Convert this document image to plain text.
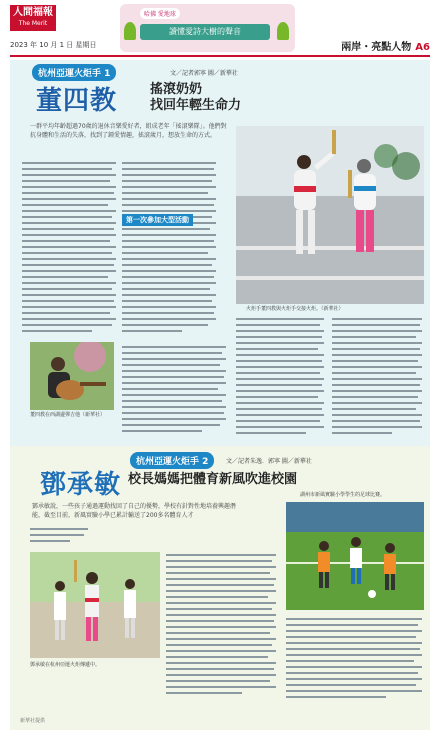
人間福報
The Merit Times
2023 年 10 月 1 日 星期日
哈佛 愛地球
讀懂愛詩大樹的聲音
兩岸・亮點人物 A6
杭州亞運火炬手 1	文／記者郭寧 圖／新華社
董四教	搖滾奶奶
找回年輕生命力
一群平均年齡超過70歲的退休音樂愛好者，組成老年「搖滾樂隊」。他們對抗身體和生活的失落，找到了鍾愛情趣，搖滾歲月，想放生命的方式。
第一次參加大型活動
火炬手董四教與火炬手交接火炬。（新華社）
董四教在西湖邊彈吉他（新華社）
鄧承敏
杭州亞運火炬手 2	文／記者朱逸．郭寧 圖／新華社
校長媽媽把體育新風吹進校園
湖州市新風實驗小學學生的足球比賽。
鄧承敏說，一些孩子通過運動找回了自己的優勢，學校有針對性地培養興趣潛能，截至目前，新風實驗小學已累計輸送了200多名體育人才
鄧承敏在杭州亞運火炬傳遞中。
新華社提供
